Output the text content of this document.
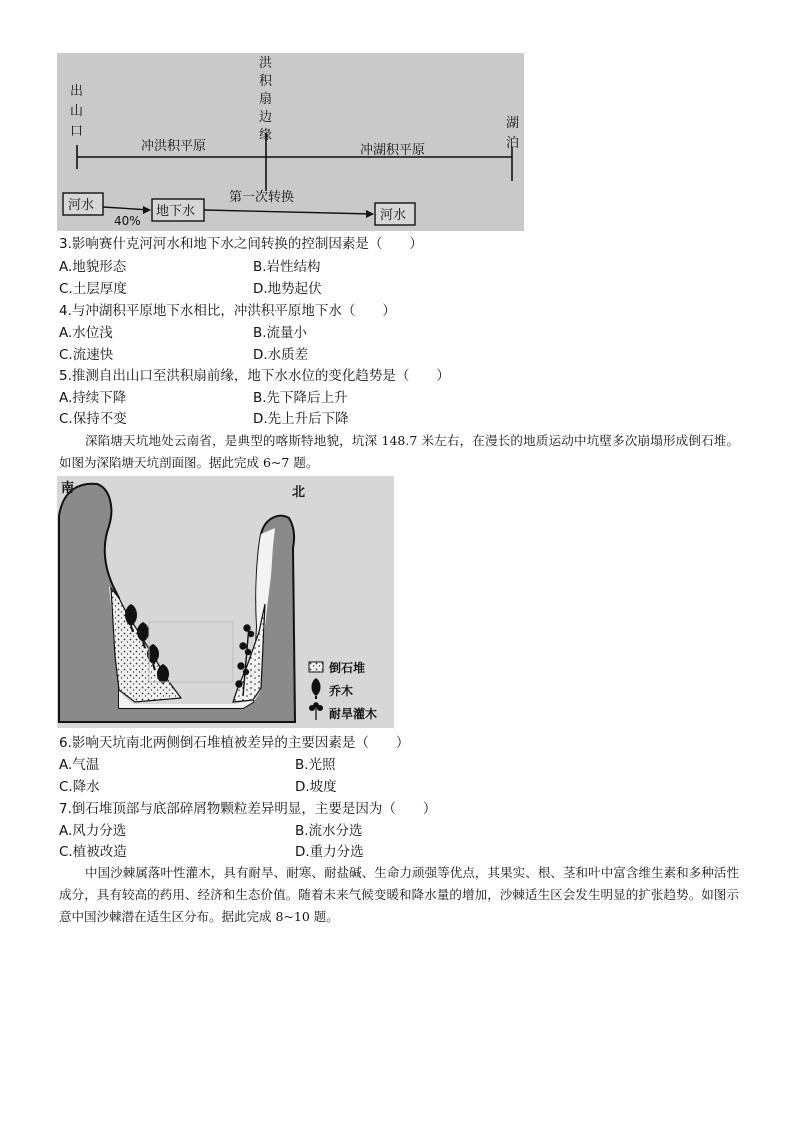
出
山
口
洪
积
扇
边
缘
湖
泊
冲洪积平原	冲湖积平原
第一次转换
河水	地下水	河水
40%
3.影响赛什克河河水和地下水之间转换的控制因素是（　　）
A.地貌形态	B.岩性结构
C.土层厚度	D.地势起伏
4.与冲湖积平原地下水相比，冲洪积平原地下水（　　）
A.水位浅	B.流量小
C.流速快	D.水质差
5.推测自出山口至洪积扇前缘，地下水水位的变化趋势是（　　）
A.持续下降	B.先下降后上升
C.保持不变	D.先上升后下降
深陷塘天坑地处云南省，是典型的喀斯特地貌，坑深 148.7 米左右，在漫长的地质运动中坑壁多次崩塌形成倒石堆。如图为深陷塘天坑剖面图。据此完成 6~7 题。
南	北
倒石堆
乔木
耐旱灌木
6.影响天坑南北两侧倒石堆植被差异的主要因素是（　　）
A.气温	B.光照
C.降水	D.坡度
7.倒石堆顶部与底部碎屑物颗粒差异明显，主要是因为（　　）
A.风力分选	B.流水分选
C.植被改造	D.重力分选
中国沙棘属落叶性灌木，具有耐旱、耐寒、耐盐碱、生命力顽强等优点，其果实、根、茎和叶中富含维生素和多种活性成分，具有较高的药用、经济和生态价值。随着未来气候变暖和降水量的增加，沙棘适生区会发生明显的扩张趋势。如图示意中国沙棘潜在适生区分布。据此完成 8~10 题。
